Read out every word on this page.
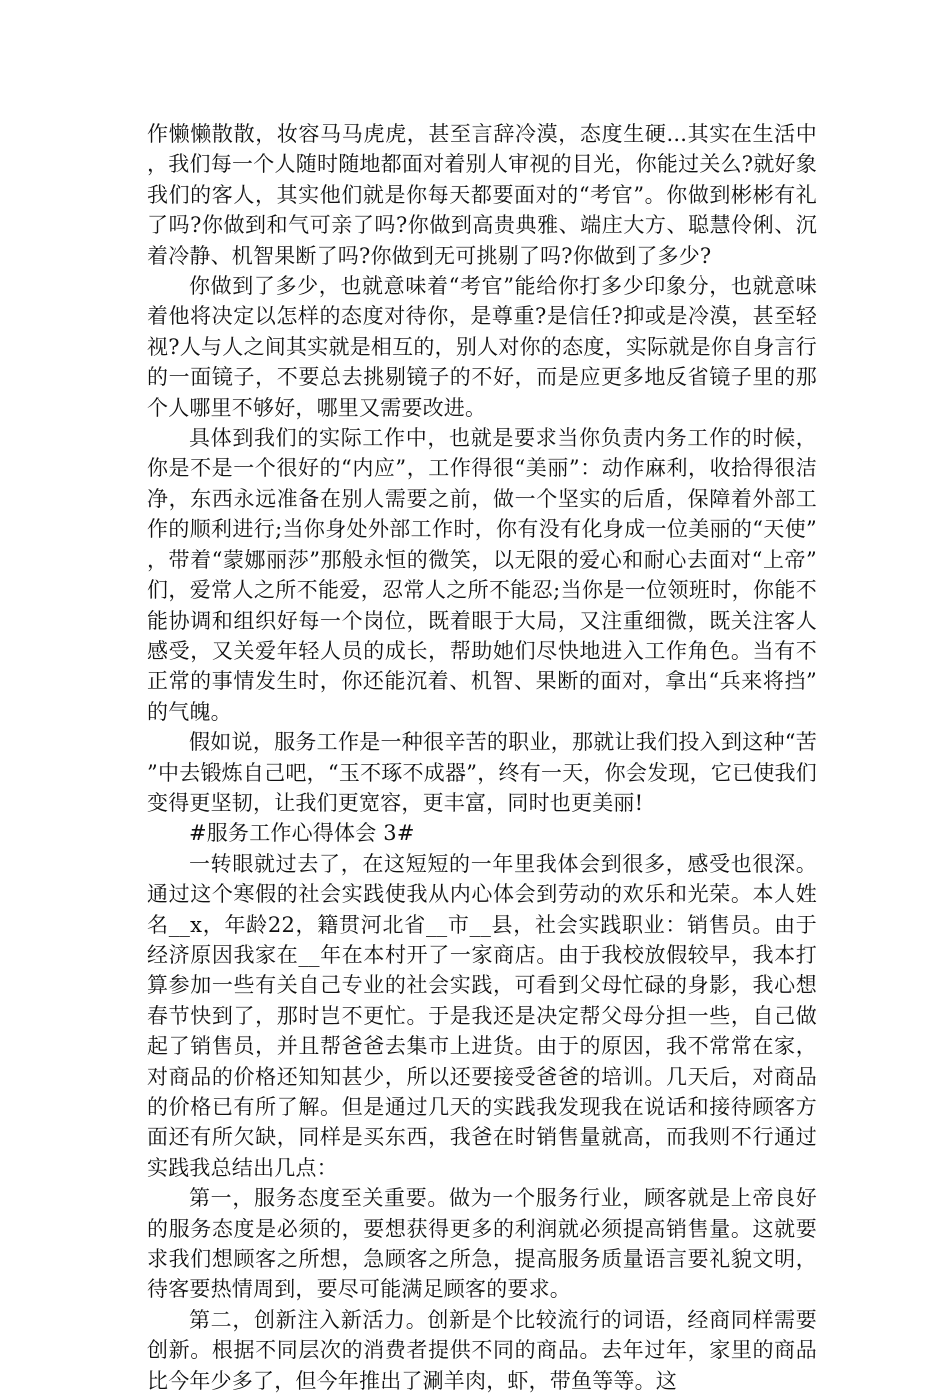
作懒懒散散，妆容马马虎虎，甚至言辞冷漠，态度生硬...其实在生活中，我们每一个人随时随地都面对着别人审视的目光，你能过关么?就好象我们的客人，其实他们就是你每天都要面对的“考官”。你做到彬彬有礼了吗?你做到和气可亲了吗?你做到高贵典雅、端庄大方、聪慧伶俐、沉着冷静、机智果断了吗?你做到无可挑剔了吗?你做到了多少?

你做到了多少，也就意味着“考官”能给你打多少印象分，也就意味着他将决定以怎样的态度对待你，是尊重?是信任?抑或是冷漠，甚至轻视?人与人之间其实就是相互的，别人对你的态度，实际就是你自身言行的一面镜子，不要总去挑剔镜子的不好，而是应更多地反省镜子里的那个人哪里不够好，哪里又需要改进。

具体到我们的实际工作中，也就是要求当你负责内务工作的时候，你是不是一个很好的“内应”，工作得很“美丽”：动作麻利，收拾得很洁净，东西永远准备在别人需要之前，做一个坚实的后盾，保障着外部工作的顺利进行;当你身处外部工作时，你有没有化身成一位美丽的“天使”，带着“蒙娜丽莎”那般永恒的微笑，以无限的爱心和耐心去面对“上帝”们，爱常人之所不能爱，忍常人之所不能忍;当你是一位领班时，你能不能协调和组织好每一个岗位，既着眼于大局，又注重细微，既关注客人感受，又关爱年轻人员的成长，帮助她们尽快地进入工作角色。当有不正常的事情发生时，你还能沉着、机智、果断的面对，拿出“兵来将挡”的气魄。

假如说，服务工作是一种很辛苦的职业，那就让我们投入到这种“苦”中去锻炼自己吧，“玉不琢不成器”，终有一天，你会发现，它已使我们变得更坚韧，让我们更宽容，更丰富，同时也更美丽!

#服务工作心得体会 3#

一转眼就过去了，在这短短的一年里我体会到很多，感受也很深。通过这个寒假的社会实践使我从内心体会到劳动的欢乐和光荣。本人姓名__x，年龄22，籍贯河北省__市__县，社会实践职业：销售员。由于经济原因我家在__年在本村开了一家商店。由于我校放假较早，我本打算参加一些有关自己专业的社会实践，可看到父母忙碌的身影，我心想春节快到了，那时岂不更忙。于是我还是决定帮父母分担一些，自己做起了销售员，并且帮爸爸去集市上进货。由于的原因，我不常常在家，对商品的价格还知知甚少，所以还要接受爸爸的培训。几天后，对商品的价格已有所了解。但是通过几天的实践我发现我在说话和接待顾客方面还有所欠缺，同样是买东西，我爸在时销售量就高，而我则不行通过实践我总结出几点：

第一，服务态度至关重要。做为一个服务行业，顾客就是上帝良好的服务态度是必须的，要想获得更多的利润就必须提高销售量。这就要求我们想顾客之所想，急顾客之所急，提高服务质量语言要礼貌文明，待客要热情周到，要尽可能满足顾客的要求。

第二，创新注入新活力。创新是个比较流行的词语，经商同样需要创新。根据不同层次的消费者提供不同的商品。去年过年，家里的商品比今年少多了，但今年推出了涮羊肉，虾，带鱼等等。这
